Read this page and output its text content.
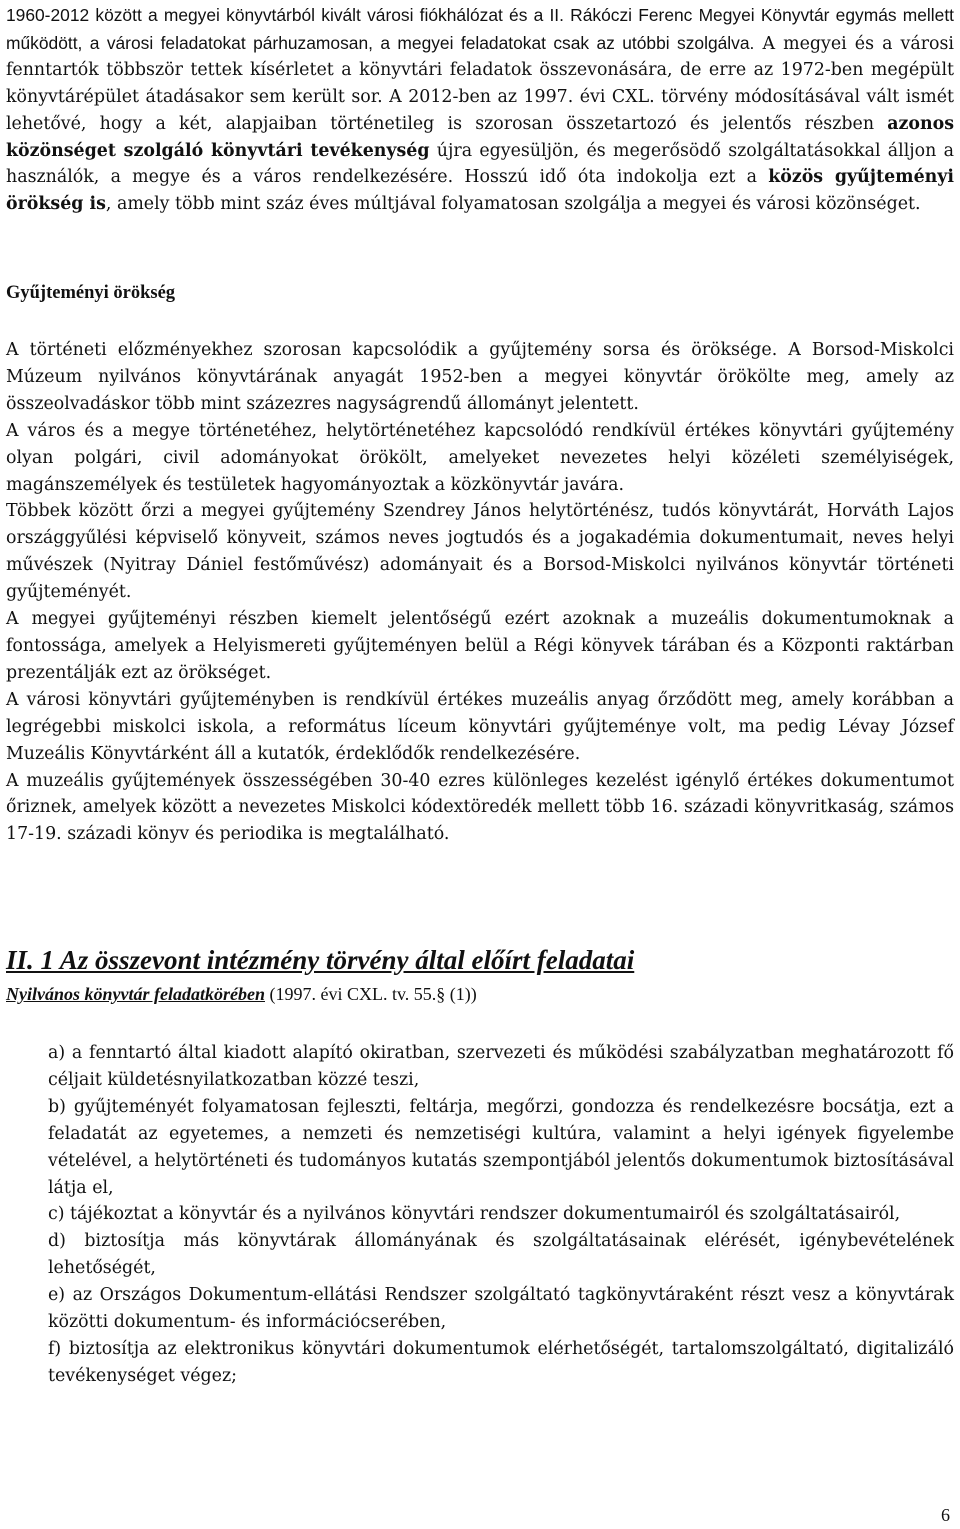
1960-2012 között a megyei könyvtárból kivált városi fiókhálózat és a II. Rákóczi Ferenc Megyei Könyvtár egymás mellett működött, a városi feladatokat párhuzamosan, a megyei feladatokat csak az utóbbi szolgálva. A megyei és a városi fenntartók többször tettek kísérletet a könyvtári feladatok összevonására, de erre az 1972-ben megépült könyvtárépület átadásakor sem került sor. A 2012-ben az 1997. évi CXL. törvény módosításával vált ismét lehetővé, hogy a két, alapjaiban történetileg is szorosan összetartozó és jelentős részben azonos közönséget szolgáló könyvtári tevékenység újra egyesüljön, és megerősödő szolgáltatásokkal álljon a használók, a megye és a város rendelkezésére. Hosszú idő óta indokolja ezt a közös gyűjteményi örökség is, amely több mint száz éves múltjával folyamatosan szolgálja a megyei és városi közönséget.

Gyűjteményi örökség

A történeti előzményekhez szorosan kapcsolódik a gyűjtemény sorsa és öröksége. A Borsod-Miskolci Múzeum nyilvános könyvtárának anyagát 1952-ben a megyei könyvtár örökölte meg, amely az összeolvadáskor több mint százezres nagyságrendű állományt jelentett.

A város és a megye történetéhez, helytörténetéhez kapcsolódó rendkívül értékes könyvtári gyűjtemény olyan polgári, civil adományokat örökölt, amelyeket nevezetes helyi közéleti személyiségek, magánszemélyek és testületek hagyományoztak a közkönyvtár javára.

Többek között őrzi a megyei gyűjtemény Szendrey János helytörténész, tudós könyvtárát, Horváth Lajos országgyűlési képviselő könyveit, számos neves jogtudós és a jogakadémia dokumentumait, neves helyi művészek (Nyitray Dániel festőművész) adományait és a Borsod-Miskolci nyilvános könyvtár történeti gyűjteményét.

A megyei gyűjteményi részben kiemelt jelentőségű ezért azoknak a muzeális dokumentumoknak a fontossága, amelyek a Helyismereti gyűjteményen belül a Régi könyvek tárában és a Központi raktárban prezentálják ezt az örökséget.

A városi könyvtári gyűjteményben is rendkívül értékes muzeális anyag őrződött meg, amely korábban a legrégebbi miskolci iskola, a református líceum könyvtári gyűjteménye volt, ma pedig Lévay József Muzeális Könyvtárként áll a kutatók, érdeklődők rendelkezésére.

A muzeális gyűjtemények összességében 30-40 ezres különleges kezelést igénylő értékes dokumentumot őriznek, amelyek között a nevezetes Miskolci kódextöredék mellett több 16. századi könyvritkaság, számos 17-19. századi könyv és periodika is megtalálható.

II. 1 Az összevont intézmény törvény által előírt feladatai

Nyilvános könyvtár feladatkörében (1997. évi CXL. tv. 55.§ (1))

a) a fenntartó által kiadott alapító okiratban, szervezeti és működési szabályzatban meghatározott fő céljait küldetésnyilatkozatban közzé teszi,

b) gyűjteményét folyamatosan fejleszti, feltárja, megőrzi, gondozza és rendelkezésre bocsátja, ezt a feladatát az egyetemes, a nemzeti és nemzetiségi kultúra, valamint a helyi igények figyelembe vételével, a helytörténeti és tudományos kutatás szempontjából jelentős dokumentumok biztosításával látja el,

c) tájékoztat a könyvtár és a nyilvános könyvtári rendszer dokumentumairól és szolgáltatásairól,

d) biztosítja más könyvtárak állományának és szolgáltatásainak elérését, igénybevételének lehetőségét,

e) az Országos Dokumentum-ellátási Rendszer szolgáltató tagkönyvtáraként részt vesz a könyvtárak közötti dokumentum- és információcserében,

f) biztosítja az elektronikus könyvtári dokumentumok elérhetőségét, tartalomszolgáltató, digitalizáló tevékenységet végez;

6
